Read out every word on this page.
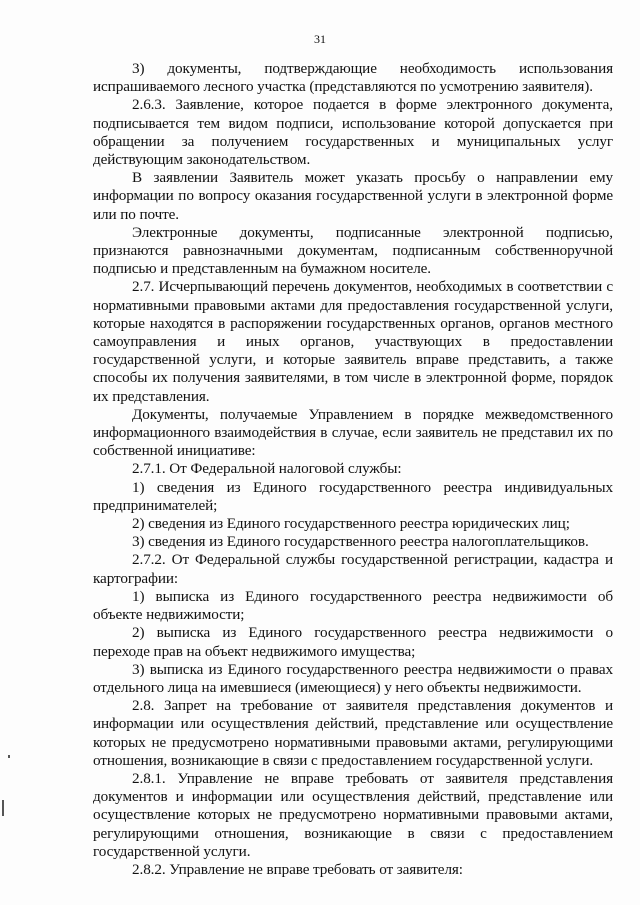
31

3) документы, подтверждающие необходимость использования испрашиваемого лесного участка (представляются по усмотрению заявителя).

2.6.3. Заявление, которое подается в форме электронного документа, подписывается тем видом подписи, использование которой допускается при обращении за получением государственных и муниципальных услуг действующим законодательством.

В заявлении Заявитель может указать просьбу о направлении ему информации по вопросу оказания государственной услуги в электронной форме или по почте.

Электронные документы, подписанные электронной подписью, признаются равнозначными документам, подписанным собственноручной подписью и представленным на бумажном носителе.

2.7. Исчерпывающий перечень документов, необходимых в соответствии с нормативными правовыми актами для предоставления государственной услуги, которые находятся в распоряжении государственных органов, органов местного самоуправления и иных органов, участвующих в предоставлении государственной услуги, и которые заявитель вправе представить, а также способы их получения заявителями, в том числе в электронной форме, порядок их представления.

Документы, получаемые Управлением в порядке межведомственного информационного взаимодействия в случае, если заявитель не представил их по собственной инициативе:

2.7.1. От Федеральной налоговой службы:

1) сведения из Единого государственного реестра индивидуальных предпринимателей;

2) сведения из Единого государственного реестра юридических лиц;

3) сведения из Единого государственного реестра налогоплательщиков.

2.7.2. От Федеральной службы государственной регистрации, кадастра и картографии:

1) выписка из Единого государственного реестра недвижимости об объекте недвижимости;

2) выписка из Единого государственного реестра недвижимости о переходе прав на объект недвижимого имущества;

3) выписка из Единого государственного реестра недвижимости о правах отдельного лица на имевшиеся (имеющиеся) у него объекты недвижимости.

2.8. Запрет на требование от заявителя представления документов и информации или осуществления действий, представление или осуществление которых не предусмотрено нормативными правовыми актами, регулирующими отношения, возникающие в связи с предоставлением государственной услуги.

2.8.1. Управление не вправе требовать от заявителя представления документов и информации или осуществления действий, представление или осуществление которых не предусмотрено нормативными правовыми актами, регулирующими отношения, возникающие в связи с предоставлением государственной услуги.

2.8.2. Управление не вправе требовать от заявителя:
